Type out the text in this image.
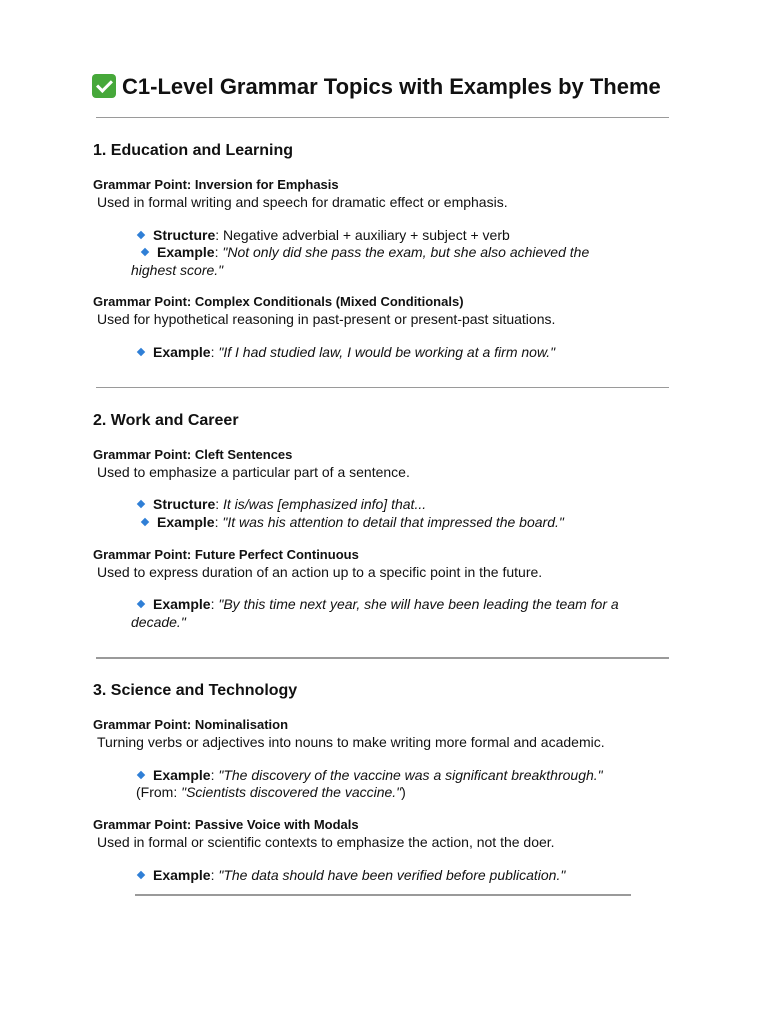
C1-Level Grammar Topics with Examples by Theme
1. Education and Learning

Grammar Point: Inversion for Emphasis

Used in formal writing and speech for dramatic effect or emphasis.

Structure: Negative adverbial + auxiliary + subject + verb
Example: "Not only did she pass the exam, but she also achieved the highest score."

Grammar Point: Complex Conditionals (Mixed Conditionals)

Used for hypothetical reasoning in past-present or present-past situations.

Example: "If I had studied law, I would be working at a firm now."
2. Work and Career

Grammar Point: Cleft Sentences

Used to emphasize a particular part of a sentence.

Structure: It is/was [emphasized info] that...
Example: "It was his attention to detail that impressed the board."

Grammar Point: Future Perfect Continuous

Used to express duration of an action up to a specific point in the future.

Example: "By this time next year, she will have been leading the team for a decade."
3. Science and Technology

Grammar Point: Nominalisation

Turning verbs or adjectives into nouns to make writing more formal and academic.

Example: "The discovery of the vaccine was a significant breakthrough."
(From: "Scientists discovered the vaccine.")

Grammar Point: Passive Voice with Modals

Used in formal or scientific contexts to emphasize the action, not the doer.

Example: "The data should have been verified before publication."
